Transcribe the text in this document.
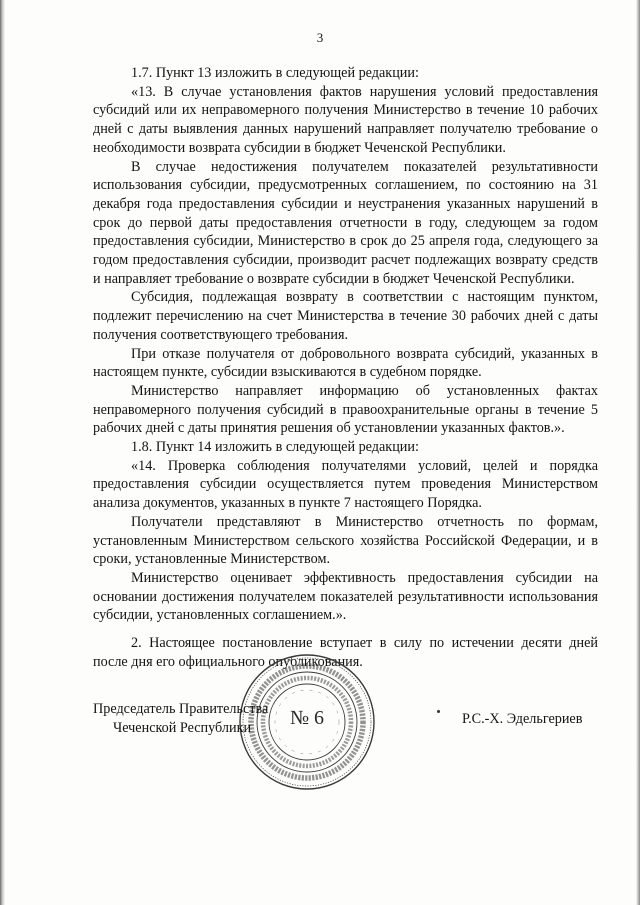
3

1.7. Пункт 13 изложить в следующей редакции:

«13. В случае установления фактов нарушения условий предоставления субсидий или их неправомерного получения Министерство в течение 10 рабочих дней с даты выявления данных нарушений направляет получателю требование о необходимости возврата субсидии в бюджет Чеченской Республики.

В случае недостижения получателем показателей результативности использования субсидии, предусмотренных соглашением, по состоянию на 31 декабря года предоставления субсидии и неустранения указанных нарушений в срок до первой даты предоставления отчетности в году, следующем за годом предоставления субсидии, Министерство в срок до 25 апреля года, следующего за годом предоставления субсидии, производит расчет подлежащих возврату средств и направляет требование о возврате субсидии в бюджет Чеченской Республики.

Субсидия, подлежащая возврату в соответствии с настоящим пунктом, подлежит перечислению на счет Министерства в течение 30 рабочих дней с даты получения соответствующего требования.

При отказе получателя от добровольного возврата субсидий, указанных в настоящем пункте, субсидии взыскиваются в судебном порядке.

Министерство направляет информацию об установленных фактах неправомерного получения субсидий в правоохранительные органы в течение 5 рабочих дней с даты принятия решения об установлении указанных фактов.».

1.8. Пункт 14 изложить в следующей редакции:

«14. Проверка соблюдения получателями условий, целей и порядка предоставления субсидии осуществляется путем проведения Министерством анализа документов, указанных в пункте 7 настоящего Порядка.

Получатели представляют в Министерство отчетность по формам, установленным Министерством сельского хозяйства Российской Федерации, и в сроки, установленные Министерством.

Министерство оценивает эффективность предоставления субсидии на основании достижения получателем показателей результативности использования субсидии, установленных соглашением.».

2. Настоящее постановление вступает в силу по истечении десяти дней после дня его официального опубликования.

№ 6
Председатель Правительства
Чеченской Республики
Р.С.-Х. Эдельгериев
